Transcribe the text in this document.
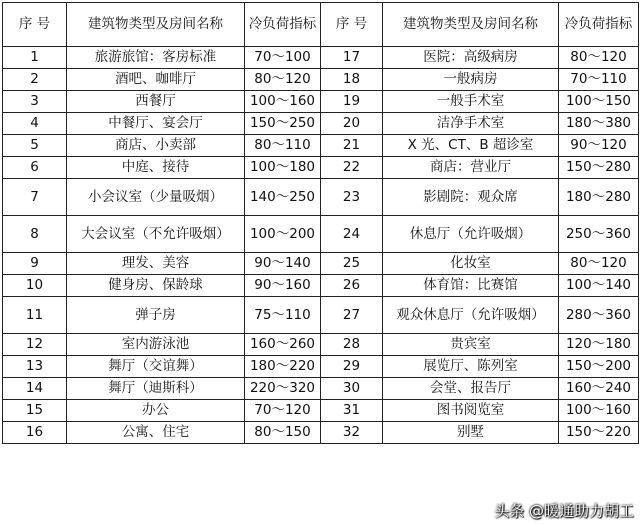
序 号	建筑物类型及房间名称	冷负荷指标	序 号	建筑物类型及房间名称	冷负荷指标
1	旅游旅馆：客房标准	70～100	17	医院：高级病房	80～120
2	酒吧、咖啡厅	80～120	18	一般病房	70～110
3	西餐厅	100～160	19	一般手术室	100～150
4	中餐厅、宴会厅	150～250	20	洁净手术室	180～380
5	商店、小卖部	80～110	21	X 光、CT、B 超诊室	90～120
6	中庭、接待	100～180	22	商店：营业厅	150～280
7	小会议室（少量吸烟）	140～250	23	影剧院：观众席	180～280
8	大会议室（不允许吸烟）	100～200	24	休息厅（允许吸烟）	250～360
9	理发、美容	90～140	25	化妆室	80～120
10	健身房、保龄球	90～160	26	体育馆：比赛馆	100～140
11	弹子房	75～110	27	观众休息厅（允许吸烟）	280～360
12	室内游泳池	160～260	28	贵宾室	120～180
13	舞厅（交谊舞）	180～220	29	展览厅、陈列室	150～200
14	舞厅（迪斯科）	220～320	30	会堂、报告厅	160～240
15	办公	70～120	31	图书阅览室	100～160
16	公寓、住宅	80～150	32	别墅	150～220
头条 @暖通助力胡工
